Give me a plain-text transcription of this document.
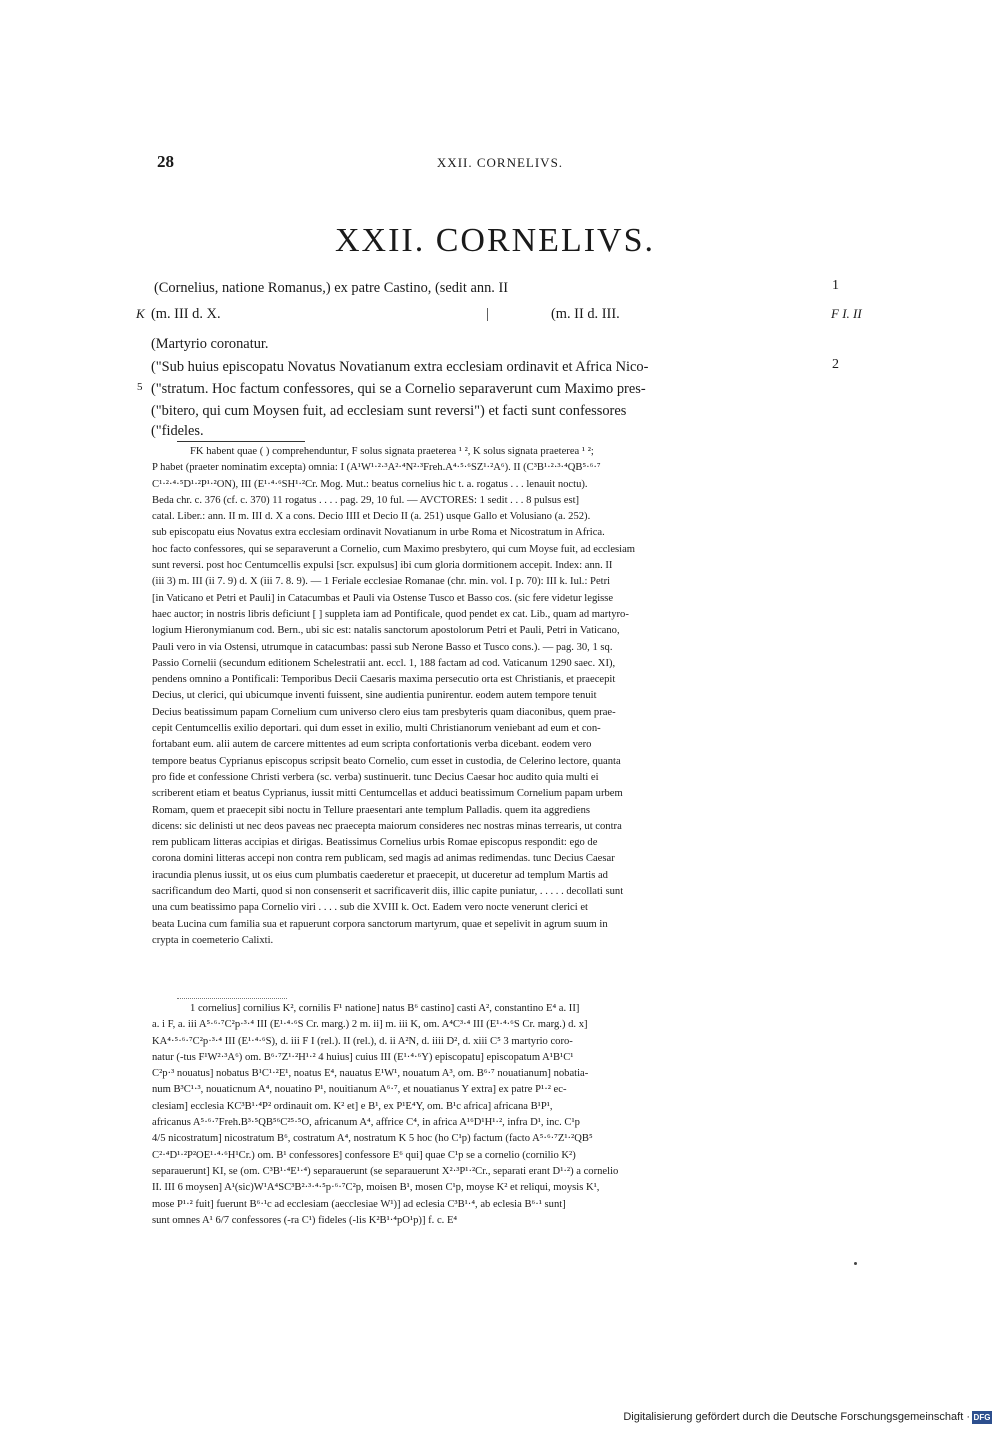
28	XXII. CORNELIVS.
XXII. CORNELIVS.
(Cornelius, natione Romanus,) ex patre Castino, (sedit ann. II	1
K (m. III d. X.	|	(m. II d. III.	F I. II
(Martyrio coronatur.
("Sub huius episcopatu Novatus Novatianum extra ecclesiam ordinavit et Africa Nico-	2
5 ("stratum. Hoc factum confessores, qui se a Cornelio separaverunt cum Maximo pres-
("bitero, qui cum Moysen fuit, ad ecclesiam sunt reversi") et facti sunt confessores
("fideles.

FK habent quae ( ) comprehenduntur, F solus signata praeterea ¹ ², K solus signata praeterea ¹ ²;

P habet (praeter nominatim excepta) omnia: I (A¹W¹·²·³A²·⁴N²·³Freh.A⁴·⁵·⁶SZ¹·²A⁶). II (C³B¹·²·³·⁴QB⁵·⁶·⁷

C¹·²·⁴·⁵D¹·²P¹·²ON), III (E¹·⁴·⁶SH¹·²Cr. Mog. Mut.: beatus cornelius hic t. a. rogatus . . . lenauit noctu).

Beda chr. c. 376 (cf. c. 370) 11 rogatus . . . . pag. 29, 10 ful. — AVCTORES: 1 sedit . . . 8 pulsus est]

catal. Liber.: ann. II m. III d. X a cons. Decio IIII et Decio II (a. 251) usque Gallo et Volusiano (a. 252).

sub episcopatu eius Novatus extra ecclesiam ordinavit Novatianum in urbe Roma et Nicostratum in Africa.

hoc facto confessores, qui se separaverunt a Cornelio, cum Maximo presbytero, qui cum Moyse fuit, ad ecclesiam

sunt reversi. post hoc Centumcellis expulsi [scr. expulsus] ibi cum gloria dormitionem accepit. Index: ann. II

(iii 3) m. III (ii 7. 9) d. X (iii 7. 8. 9). — 1 Feriale ecclesiae Romanae (chr. min. vol. I p. 70): III k. Iul.: Petri

[in Vaticano et Petri et Pauli] in Catacumbas et Pauli via Ostense Tusco et Basso cos. (sic fere videtur legisse

haec auctor; in nostris libris deficiunt [ ] suppleta iam ad Pontificale, quod pendet ex cat. Lib., quam ad martyro-

logium Hieronymianum cod. Bern., ubi sic est: natalis sanctorum apostolorum Petri et Pauli, Petri in Vaticano,

Pauli vero in via Ostensi, utrumque in catacumbas: passi sub Nerone Basso et Tusco cons.). — pag. 30, 1 sq.

Passio Cornelii (secundum editionem Schelestratii ant. eccl. 1, 188 factam ad cod. Vaticanum 1290 saec. XI),

pendens omnino a Pontificali: Temporibus Decii Caesaris maxima persecutio orta est Christianis, et praecepit

Decius, ut clerici, qui ubicumque inventi fuissent, sine audientia punirentur. eodem autem tempore tenuit

Decius beatissimum papam Cornelium cum universo clero eius tam presbyteris quam diaconibus, quem prae-

cepit Centumcellis exilio deportari. qui dum esset in exilio, multi Christianorum veniebant ad eum et con-

fortabant eum. alii autem de carcere mittentes ad eum scripta confortationis verba dicebant. eodem vero

tempore beatus Cyprianus episcopus scripsit beato Cornelio, cum esset in custodia, de Celerino lectore, quanta

pro fide et confessione Christi verbera (sc. verba) sustinuerit. tunc Decius Caesar hoc audito quia multi ei

scriberent etiam et beatus Cyprianus, iussit mitti Centumcellas et adduci beatissimum Cornelium papam urbem

Romam, quem et praecepit sibi noctu in Tellure praesentari ante templum Palladis. quem ita aggrediens

dicens: sic delinisti ut nec deos paveas nec praecepta maiorum consideres nec nostras minas terrearis, ut contra

rem publicam litteras accipias et dirigas. Beatissimus Cornelius urbis Romae episcopus respondit: ego de

corona domini litteras accepi non contra rem publicam, sed magis ad animas redimendas. tunc Decius Caesar

iracundia plenus iussit, ut os eius cum plumbatis caederetur et praecepit, ut duceretur ad templum Martis ad

sacrificandum deo Marti, quod si non consenserit et sacrificaverit diis, illic capite puniatur, . . . . . decollati sunt

una cum beatissimo papa Cornelio viri . . . . sub die XVIII k. Oct. Eadem vero nocte venerunt clerici et

beata Lucina cum familia sua et rapuerunt corpora sanctorum martyrum, quae et sepelivit in agrum suum in

crypta in coemeterio Calixti.

1 cornelius] cornilius K², cornilis F¹ natione] natus B⁶ castino] casti A², constantino E⁴ a. II]

a. i F, a. iii A⁵·⁶·⁷C²p·³·⁴ III (E¹·⁴·⁶S Cr. marg.) 2 m. ii] m. iii K, om. A⁴C³·⁴ III (E¹·⁴·⁶S Cr. marg.) d. x]

KA⁴·⁵·⁶·⁷C²p·³·⁴ III (E¹·⁴·⁶S), d. iii F I (rel.). II (rel.), d. ii A²N, d. iiii D², d. xiii C⁵ 3 martyrio coro-

natur (-tus F¹W²·³A⁶) om. B⁶·⁷Z¹·²H¹·² 4 huius] cuius III (E¹·⁴·⁶Y) episcopatu] episcopatum A¹B¹C¹

C²p·³ nouatus] nobatus B¹C¹·²E¹, noatus E⁴, nauatus E¹W¹, nouatum A³, om. B⁶·⁷ nouatianum] nobatia-

num B³C¹·³, nouaticnum A⁴, nouatino P¹, nouitianum A⁶·⁷, et nouatianus Y extra] ex patre P¹·² ec-

clesiam] ecclesia KC³B¹·⁴P² ordinauit om. K² et] e B¹, ex P¹E⁴Y, om. B¹c africa] africana B¹P¹,

africanus A⁵·⁶·⁷Freh.B³·⁵QB⁵⁶C²⁵·⁵O, africanum A⁴, affrice C⁴, in africa A¹⁶D¹H¹·², infra D¹, inc. C¹p

4/5 nicostratum] nicostratum B⁶, costratum A⁴, nostratum K 5 hoc (ho C¹p) factum (facto A⁵·⁶·⁷Z¹·²QB⁵

C²·⁴D¹·²P²OE¹·⁴·⁶H¹Cr.) om. B¹ confessores] confessore E⁶ qui] quae C¹p se a cornelio (cornilio K²)

separauerunt] KI, se (om. C³B¹·⁴E¹·⁴) separauerunt (se separauerunt X²·³P¹·²Cr., separati erant D¹·²) a cornelio

II. III 6 moysen] A¹(sic)W¹A⁴SC³B²·³·⁴·⁵p·⁶·⁷C²p, moisen B¹, mosen C¹p, moyse K² et reliqui, moysis K¹,

mose P¹·² fuit] fuerunt B⁶·¹c ad ecclesiam (aecclesiae W¹)] ad eclesia C³B¹·⁴, ab eclesia B⁶·¹ sunt]

sunt omnes A¹ 6/7 confessores (-ra C¹) fideles (-lis K²B¹·⁴pO¹p)] f. c. E⁴

Digitalisierung gefördert durch die Deutsche Forschungsgemeinschaft · DFG
